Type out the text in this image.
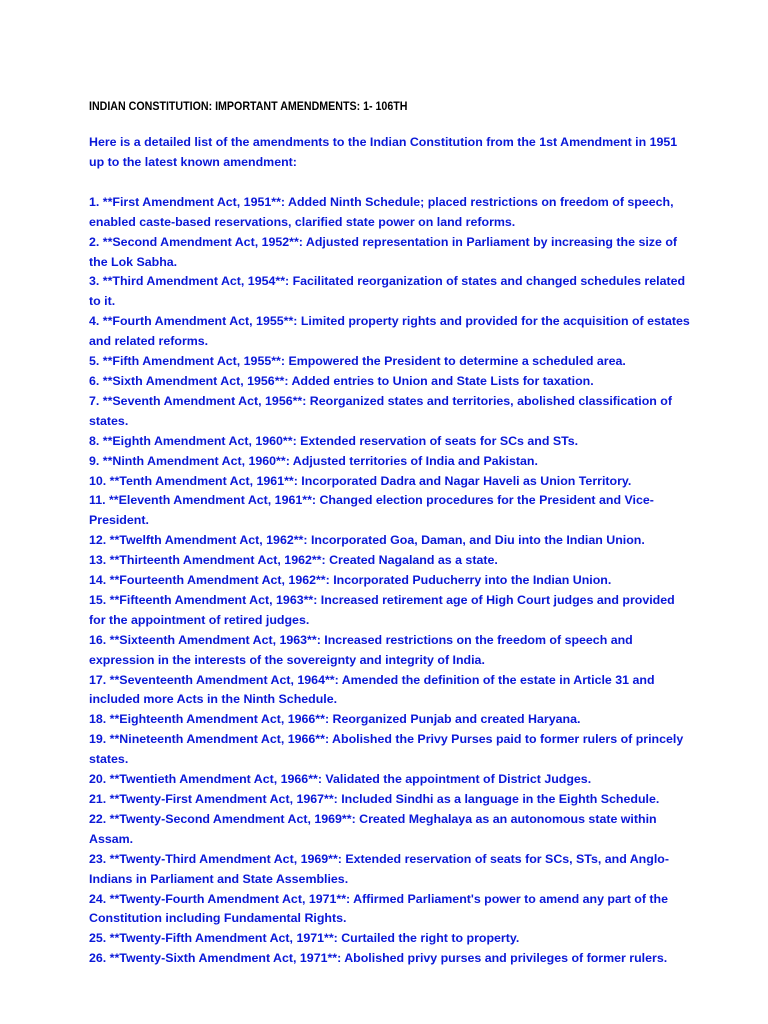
INDIAN CONSTITUTION: IMPORTANT AMENDMENTS: 1- 106TH

Here is a detailed list of the amendments to the Indian Constitution from the 1st Amendment in 1951 up to the latest known amendment:

1. **First Amendment Act, 1951**: Added Ninth Schedule; placed restrictions on freedom of speech, enabled caste-based reservations, clarified state power on land reforms.
2. **Second Amendment Act, 1952**: Adjusted representation in Parliament by increasing the size of the Lok Sabha.
3. **Third Amendment Act, 1954**: Facilitated reorganization of states and changed schedules related to it.
4. **Fourth Amendment Act, 1955**: Limited property rights and provided for the acquisition of estates and related reforms.
5. **Fifth Amendment Act, 1955**: Empowered the President to determine a scheduled area.
6. **Sixth Amendment Act, 1956**: Added entries to Union and State Lists for taxation.
7. **Seventh Amendment Act, 1956**: Reorganized states and territories, abolished classification of states.
8. **Eighth Amendment Act, 1960**: Extended reservation of seats for SCs and STs.
9. **Ninth Amendment Act, 1960**: Adjusted territories of India and Pakistan.
10. **Tenth Amendment Act, 1961**: Incorporated Dadra and Nagar Haveli as Union Territory.
11. **Eleventh Amendment Act, 1961**: Changed election procedures for the President and Vice-President.
12. **Twelfth Amendment Act, 1962**: Incorporated Goa, Daman, and Diu into the Indian Union.
13. **Thirteenth Amendment Act, 1962**: Created Nagaland as a state.
14. **Fourteenth Amendment Act, 1962**: Incorporated Puducherry into the Indian Union.
15. **Fifteenth Amendment Act, 1963**: Increased retirement age of High Court judges and provided for the appointment of retired judges.
16. **Sixteenth Amendment Act, 1963**: Increased restrictions on the freedom of speech and expression in the interests of the sovereignty and integrity of India.
17. **Seventeenth Amendment Act, 1964**: Amended the definition of the estate in Article 31 and included more Acts in the Ninth Schedule.
18. **Eighteenth Amendment Act, 1966**: Reorganized Punjab and created Haryana.
19. **Nineteenth Amendment Act, 1966**: Abolished the Privy Purses paid to former rulers of princely states.
20. **Twentieth Amendment Act, 1966**: Validated the appointment of District Judges.
21. **Twenty-First Amendment Act, 1967**: Included Sindhi as a language in the Eighth Schedule.
22. **Twenty-Second Amendment Act, 1969**: Created Meghalaya as an autonomous state within Assam.
23. **Twenty-Third Amendment Act, 1969**: Extended reservation of seats for SCs, STs, and Anglo-Indians in Parliament and State Assemblies.
24. **Twenty-Fourth Amendment Act, 1971**: Affirmed Parliament's power to amend any part of the Constitution including Fundamental Rights.
25. **Twenty-Fifth Amendment Act, 1971**: Curtailed the right to property.
26. **Twenty-Sixth Amendment Act, 1971**: Abolished privy purses and privileges of former rulers.
